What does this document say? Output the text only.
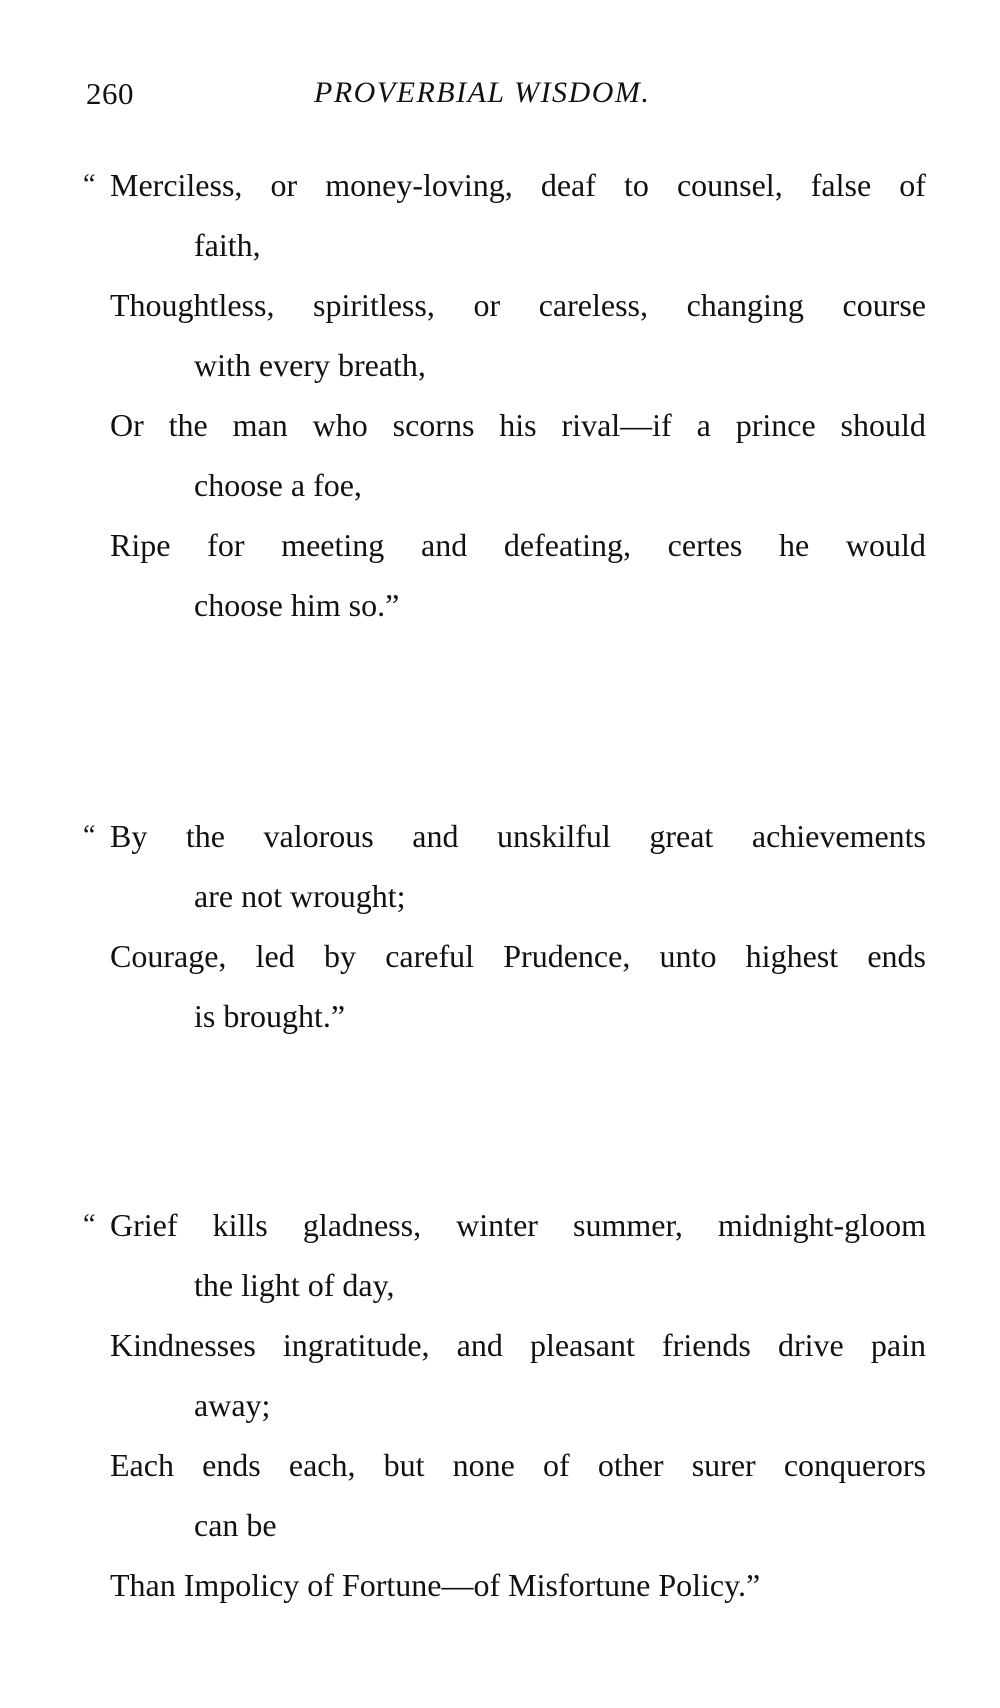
260	PROVERBIAL WISDOM.
“ Merciless, or money-loving, deaf to counsel, false of
faith,
Thoughtless, spiritless, or careless, changing course
with every breath,
Or the man who scorns his rival—if a prince should
choose a foe,
Ripe for meeting and defeating, certes he would
choose him so.”
“ By the valorous and unskilful great achievements
are not wrought;
Courage, led by careful Prudence, unto highest ends
is brought.”
“ Grief kills gladness, winter summer, midnight-gloom
the light of day,
Kindnesses ingratitude, and pleasant friends drive pain
away;
Each ends each, but none of other surer conquerors
can be
Than Impolicy of Fortune—of Misfortune Policy.”
